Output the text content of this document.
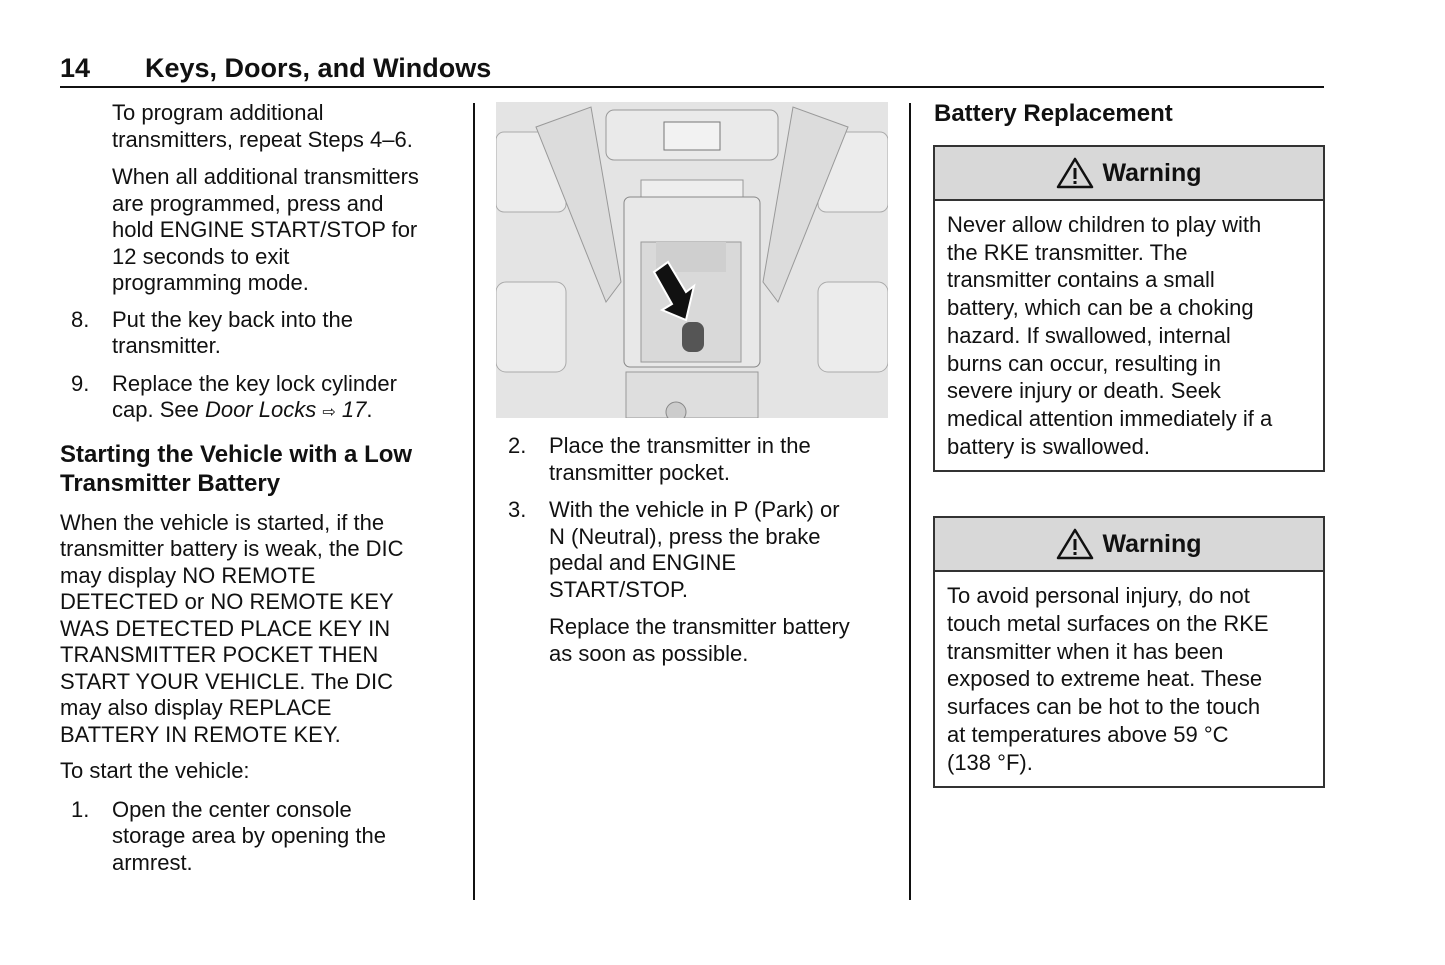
14 Keys, Doors, and Windows
To program additional
transmitters, repeat Steps 4–6.
When all additional transmitters
are programmed, press and
hold ENGINE START/STOP for
12 seconds to exit
programming mode.
8.	Put the key back into the
transmitter.
9.	Replace the key lock cylinder
cap. See Door Locks ⇨ 17.
Starting the Vehicle with a Low
Transmitter Battery
When the vehicle is started, if the
transmitter battery is weak, the DIC
may display NO REMOTE
DETECTED or NO REMOTE KEY
WAS DETECTED PLACE KEY IN
TRANSMITTER POCKET THEN
START YOUR VEHICLE. The DIC
may also display REPLACE
BATTERY IN REMOTE KEY.
To start the vehicle:
1.	Open the center console
storage area by opening the
armrest.
2.	Place the transmitter in the
transmitter pocket.
3.	With the vehicle in P (Park) or
N (Neutral), press the brake
pedal and ENGINE
START/STOP.
Replace the transmitter battery
as soon as possible.
Battery Replacement
Warning
Never allow children to play with
the RKE transmitter. The
transmitter contains a small
battery, which can be a choking
hazard. If swallowed, internal
burns can occur, resulting in
severe injury or death. Seek
medical attention immediately if a
battery is swallowed.
Warning
To avoid personal injury, do not
touch metal surfaces on the RKE
transmitter when it has been
exposed to extreme heat. These
surfaces can be hot to the touch
at temperatures above 59 °C
(138 °F).
